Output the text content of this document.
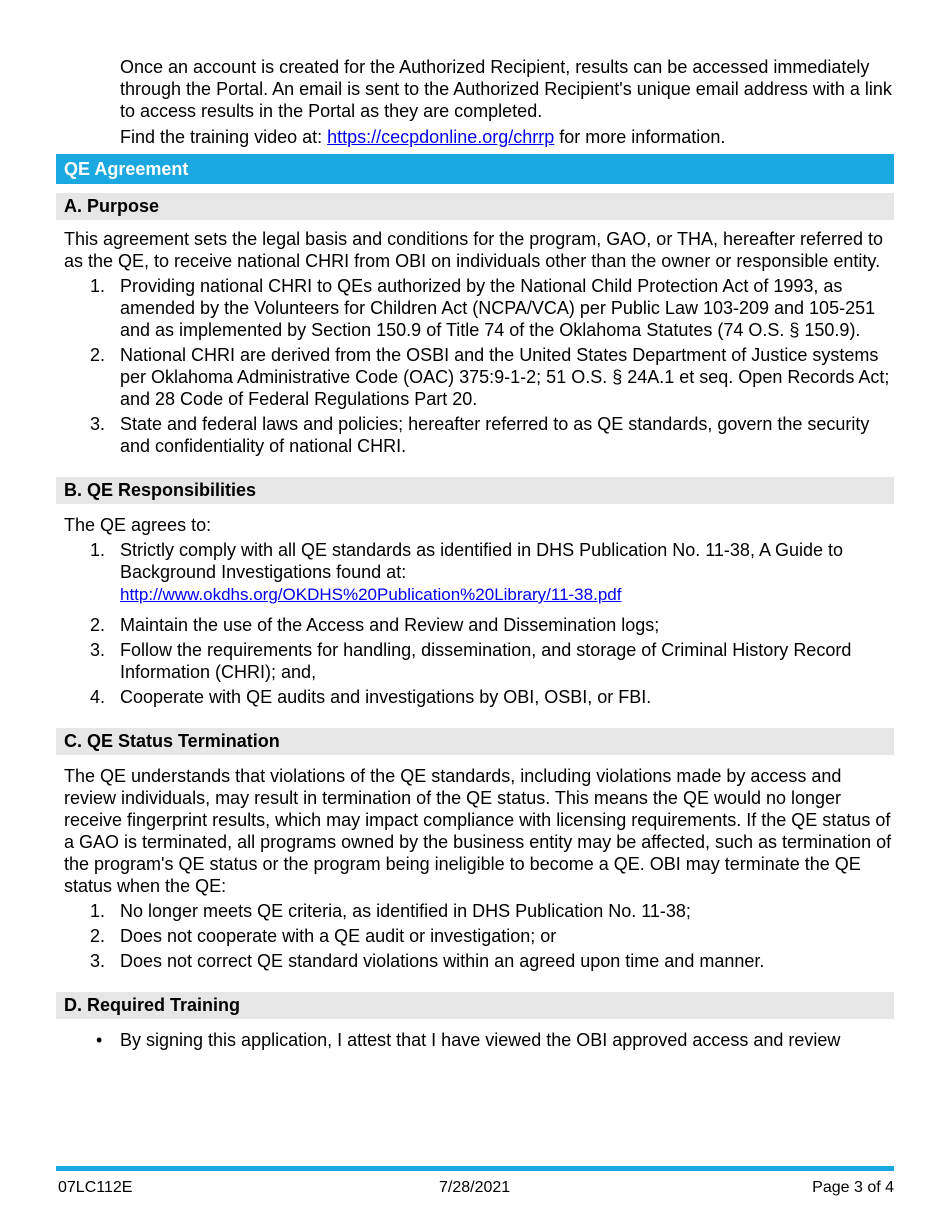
Once an account is created for the Authorized Recipient, results can be accessed immediately through the Portal. An email is sent to the Authorized Recipient's unique email address with a link to access results in the Portal as they are completed.

Find the training video at: https://cecpdonline.org/chrrp for more information.

QE Agreement
A. Purpose

This agreement sets the legal basis and conditions for the program, GAO, or THA, hereafter referred to as the QE, to receive national CHRI from OBI on individuals other than the owner or responsible entity.

1. Providing national CHRI to QEs authorized by the National Child Protection Act of 1993, as amended by the Volunteers for Children Act (NCPA/VCA) per Public Law 103-209 and 105-251 and as implemented by Section 150.9 of Title 74 of the Oklahoma Statutes (74 O.S. § 150.9).
2. National CHRI are derived from the OSBI and the United States Department of Justice systems per Oklahoma Administrative Code (OAC) 375:9-1-2; 51 O.S. § 24A.1 et seq. Open Records Act; and 28 Code of Federal Regulations Part 20.
3. State and federal laws and policies; hereafter referred to as QE standards, govern the security and confidentiality of national CHRI.
B. QE Responsibilities

The QE agrees to:

1. Strictly comply with all QE standards as identified in DHS Publication No. 11-38, A Guide to Background Investigations found at:
http://www.okdhs.org/OKDHS%20Publication%20Library/11-38.pdf
2. Maintain the use of the Access and Review and Dissemination logs;
3. Follow the requirements for handling, dissemination, and storage of Criminal History Record Information (CHRI); and,
4. Cooperate with QE audits and investigations by OBI, OSBI, or FBI.
C. QE Status Termination

The QE understands that violations of the QE standards, including violations made by access and review individuals, may result in termination of the QE status. This means the QE would no longer receive fingerprint results, which may impact compliance with licensing requirements. If the QE status of a GAO is terminated, all programs owned by the business entity may be affected, such as termination of the program's QE status or the program being ineligible to become a QE. OBI may terminate the QE status when the QE:

1. No longer meets QE criteria, as identified in DHS Publication No. 11-38;
2. Does not cooperate with a QE audit or investigation; or
3. Does not correct QE standard violations within an agreed upon time and manner.
D. Required Training
• By signing this application, I attest that I have viewed the OBI approved access and review
07LC112E	7/28/2021	Page 3 of 4
